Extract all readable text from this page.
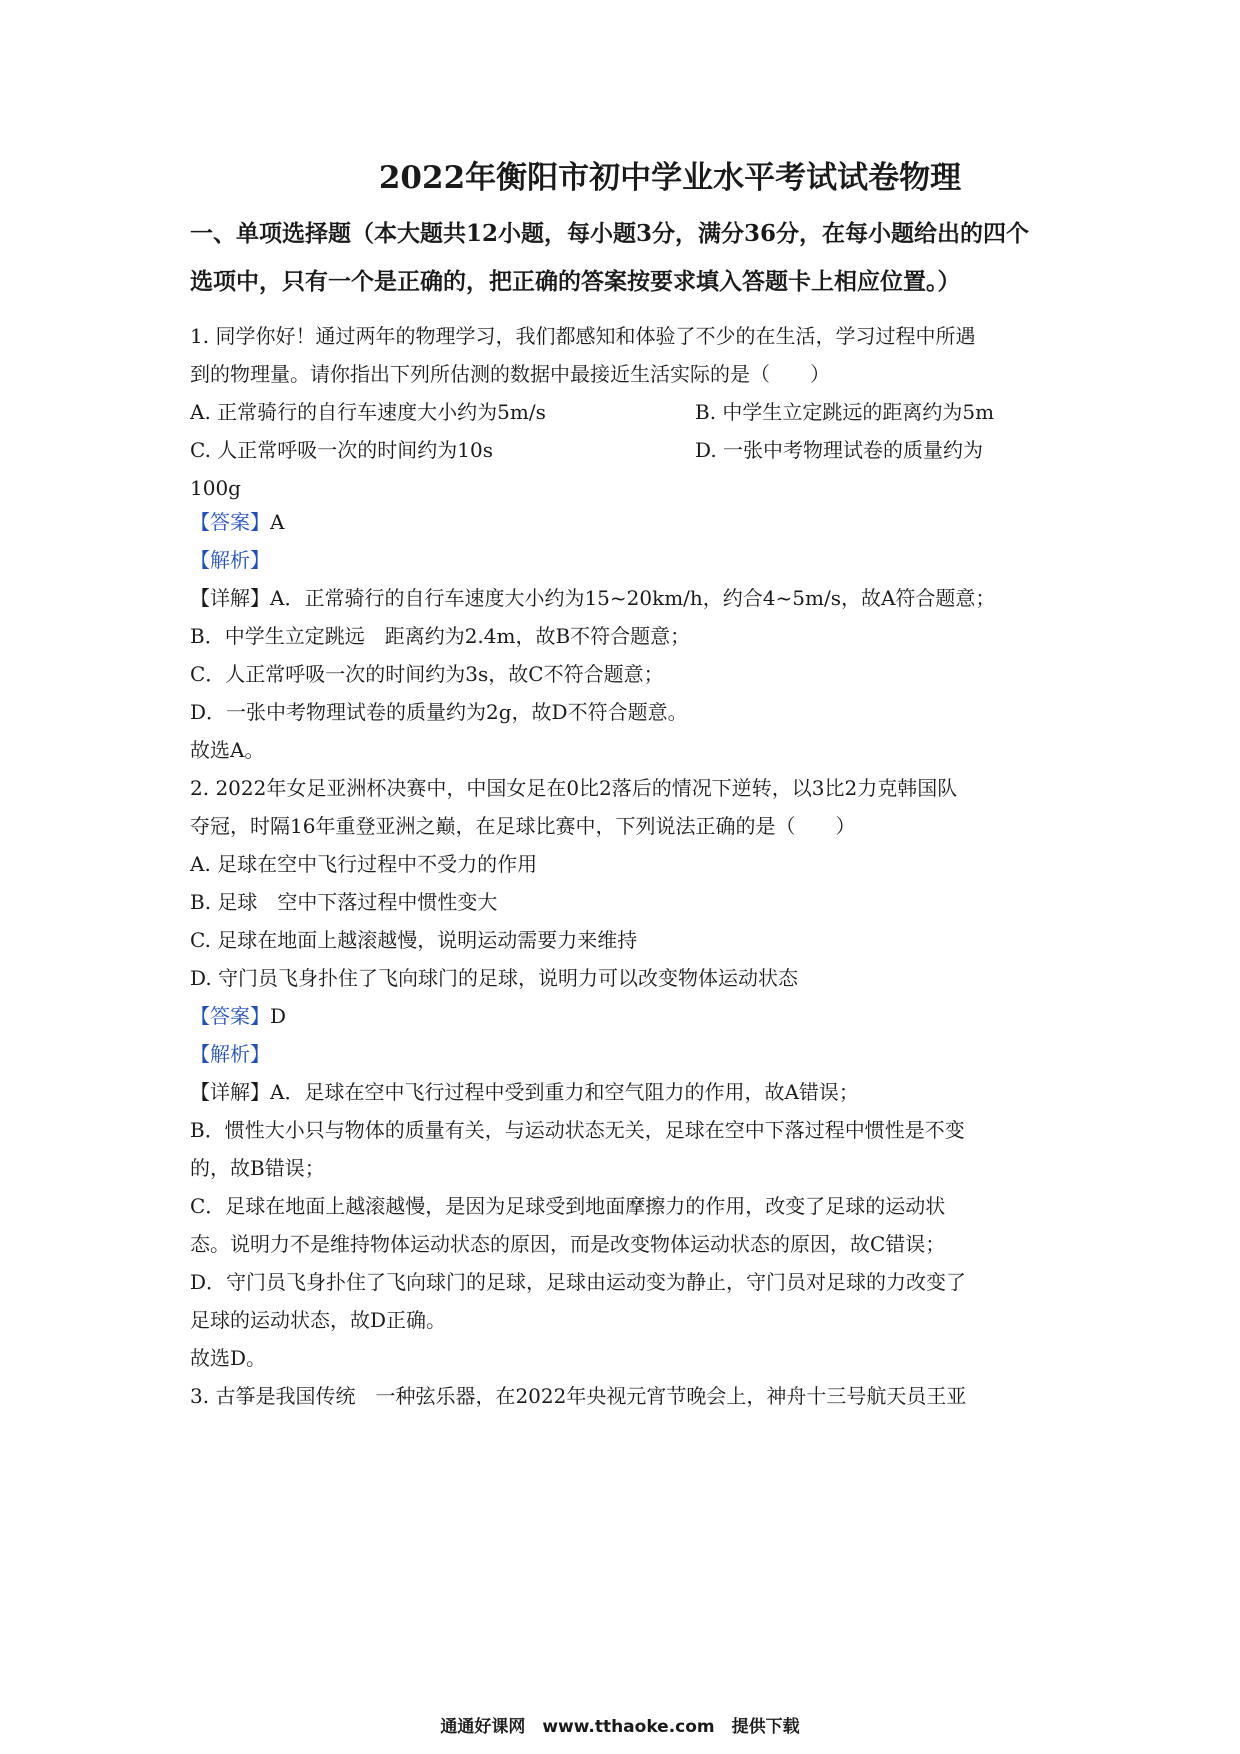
2022年衡阳市初中学业水平考试试卷物理
一、单项选择题（本大题共12小题，每小题3分，满分36分，在每小题给出的四个选项中，只有一个是正确的，把正确的答案按要求填入答题卡上相应位置。）
1. 同学你好！通过两年的物理学习，我们都感知和体验了不少的在生活，学习过程中所遇
到的物理量。请你指出下列所估测的数据中最接近生活实际的是（　　）
A. 正常骑行的自行车速度大小约为5m/s	B. 中学生立定跳远的距离约为5m
C. 人正常呼吸一次的时间约为10s	D. 一张中考物理试卷的质量约为
100g
【答案】A
【解析】
【详解】A．正常骑行的自行车速度大小约为15~20km/h，约合4~5m/s，故A符合题意；
B．中学生立定跳远　距离约为2.4m，故B不符合题意；
C．人正常呼吸一次的时间约为3s，故C不符合题意；
D．一张中考物理试卷的质量约为2g，故D不符合题意。
故选A。
2. 2022年女足亚洲杯决赛中，中国女足在0比2落后的情况下逆转，以3比2力克韩国队
夺冠，时隔16年重登亚洲之巅，在足球比赛中，下列说法正确的是（　　）
A. 足球在空中飞行过程中不受力的作用
B. 足球　空中下落过程中惯性变大
C. 足球在地面上越滚越慢，说明运动需要力来维持
D. 守门员飞身扑住了飞向球门的足球，说明力可以改变物体运动状态
【答案】D
【解析】
【详解】A．足球在空中飞行过程中受到重力和空气阻力的作用，故A错误；
B．惯性大小只与物体的质量有关，与运动状态无关，足球在空中下落过程中惯性是不变
的，故B错误；
C．足球在地面上越滚越慢，是因为足球受到地面摩擦力的作用，改变了足球的运动状
态。说明力不是维持物体运动状态的原因，而是改变物体运动状态的原因，故C错误；
D．守门员飞身扑住了飞向球门的足球，足球由运动变为静止，守门员对足球的力改变了
足球的运动状态，故D正确。
故选D。
3. 古筝是我国传统　一种弦乐器，在2022年央视元宵节晚会上，神舟十三号航天员王亚
通通好课网　www.tthaoke.com　提供下载
